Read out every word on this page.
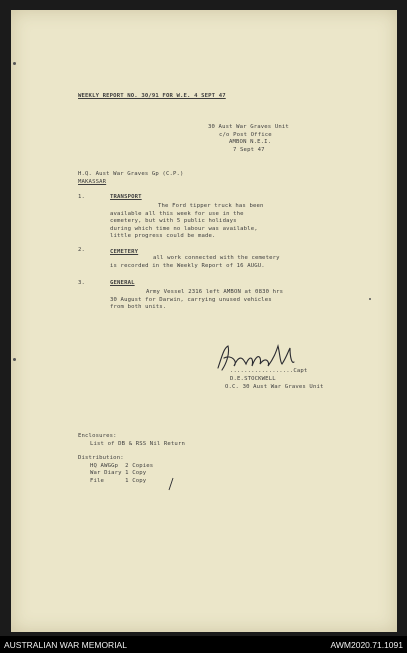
WEEKLY REPORT NO. 30/91 FOR W.E. 4 SEPT 47
30 Aust War Graves Unit
c/o Post Office
AMBON N.E.I.
7 Sept 47
H.Q. Aust War Graves Gp (C.P.)
MAKASSAR
1.	TRANSPORT
The Ford tipper truck has been
available all this week for use in the
cemetery, but with 5 public holidays
during which time no labour was available,
little progress could be made.
2.	CEMETERY
all work connected with the cemetery
is recorded in the Weekly Report of 16 AUGU.
3.	GENERAL
Army Vessel 2316 left AMBON at 0830 hrs
30 August for Darwin, carrying unused vehicles
from both units.
..................Capt
D.E.STOCKWELL
O.C. 30 Aust War Graves Unit
Enclosures:
List of DB & RSS Nil Return
Distribution:
HQ AWGGp  2 Copies
War Diary 1 Copy
File      1 Copy
AUSTRALIAN WAR MEMORIAL	AWM2020.71.1091
